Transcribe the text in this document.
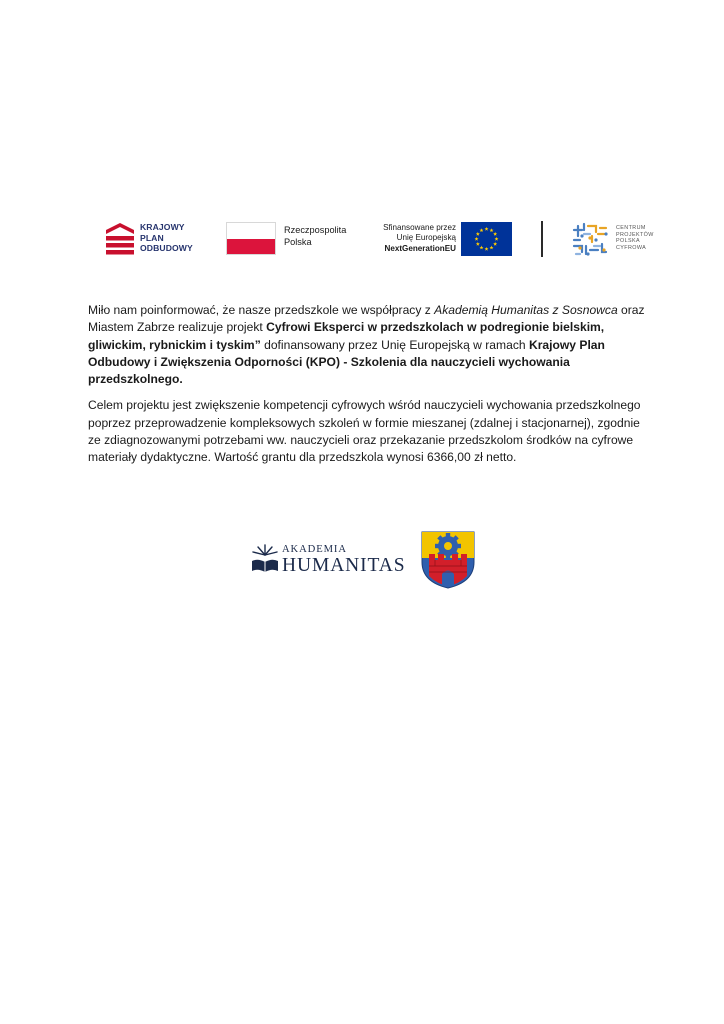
KRAJOWY
PLAN
ODBUDOWY
Rzeczpospolita
Polska
Sfinansowane przez
Unię Europejską
NextGenerationEU
CENTRUM
PROJEKTÓW
POLSKA
CYFROWA

Miło nam poinformować, że nasze przedszkole we współpracy z Akademią Humanitas z Sosnowca oraz Miastem Zabrze realizuje projekt Cyfrowi Eksperci w przedszkolach w podregionie bielskim, gliwickim, rybnickim i tyskim” dofinansowany przez Unię Europejską w ramach Krajowy Plan Odbudowy i Zwiększenia Odporności (KPO) - Szkolenia dla nauczycieli wychowania przedszkolnego.

Celem projektu jest zwiększenie kompetencji cyfrowych wśród nauczycieli wychowania przedszkolnego poprzez przeprowadzenie kompleksowych szkoleń w formie mieszanej (zdalnej i stacjonarnej), zgodnie ze zdiagnozowanymi potrzebami ww. nauczycieli oraz przekazanie przedszkolom środków na cyfrowe materiały dydaktyczne. Wartość grantu dla przedszkola wynosi 6366,00 zł netto.

AKADEMIA
HUMANITAS
